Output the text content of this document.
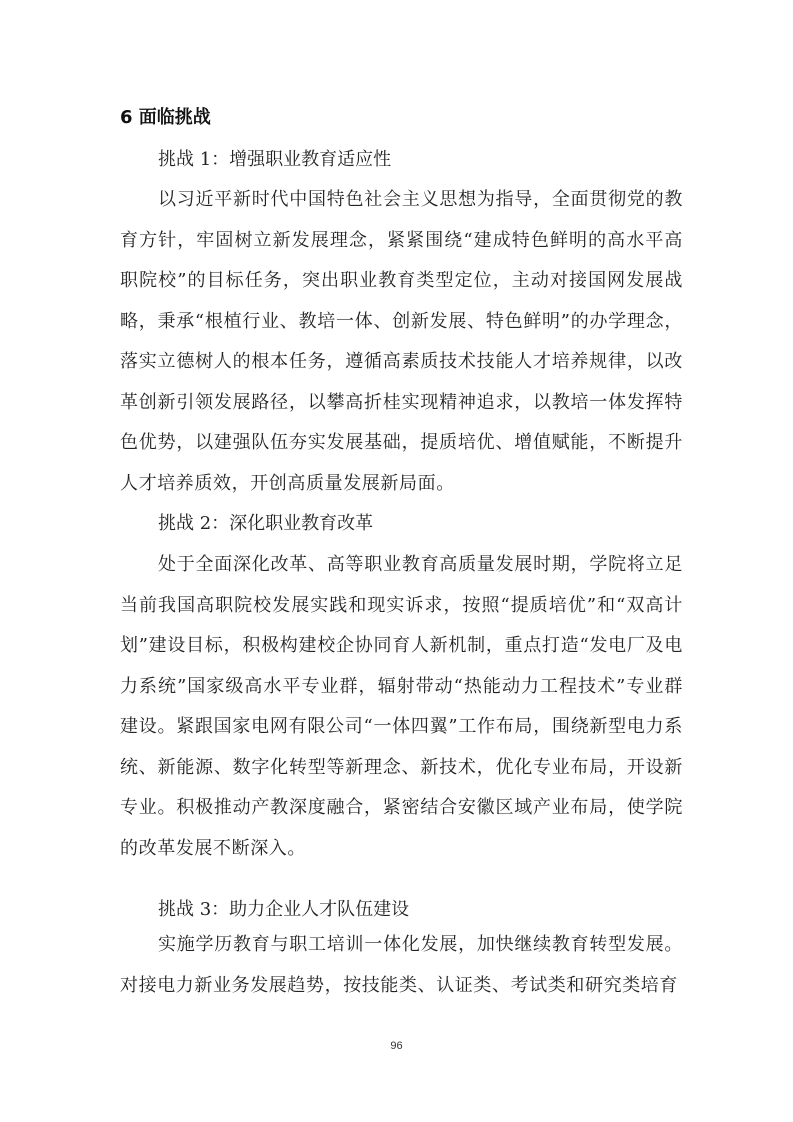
6 面临挑战

挑战 1：增强职业教育适应性

以习近平新时代中国特色社会主义思想为指导，全面贯彻党的教育方针，牢固树立新发展理念，紧紧围绕“建成特色鲜明的高水平高职院校”的目标任务，突出职业教育类型定位，主动对接国网发展战略，秉承“根植行业、教培一体、创新发展、特色鲜明”的办学理念，落实立德树人的根本任务，遵循高素质技术技能人才培养规律，以改革创新引领发展路径，以攀高折桂实现精神追求，以教培一体发挥特色优势，以建强队伍夯实发展基础，提质培优、增值赋能，不断提升人才培养质效，开创高质量发展新局面。

挑战 2：深化职业教育改革

处于全面深化改革、高等职业教育高质量发展时期，学院将立足当前我国高职院校发展实践和现实诉求，按照“提质培优”和“双高计划”建设目标，积极构建校企协同育人新机制，重点打造“发电厂及电力系统”国家级高水平专业群，辐射带动“热能动力工程技术”专业群建设。紧跟国家电网有限公司“一体四翼”工作布局，围绕新型电力系统、新能源、数字化转型等新理念、新技术，优化专业布局，开设新专业。积极推动产教深度融合，紧密结合安徽区域产业布局，使学院的改革发展不断深入。

挑战 3：助力企业人才队伍建设

实施学历教育与职工培训一体化发展，加快继续教育转型发展。对接电力新业务发展趋势，按技能类、认证类、考试类和研究类培育

96
